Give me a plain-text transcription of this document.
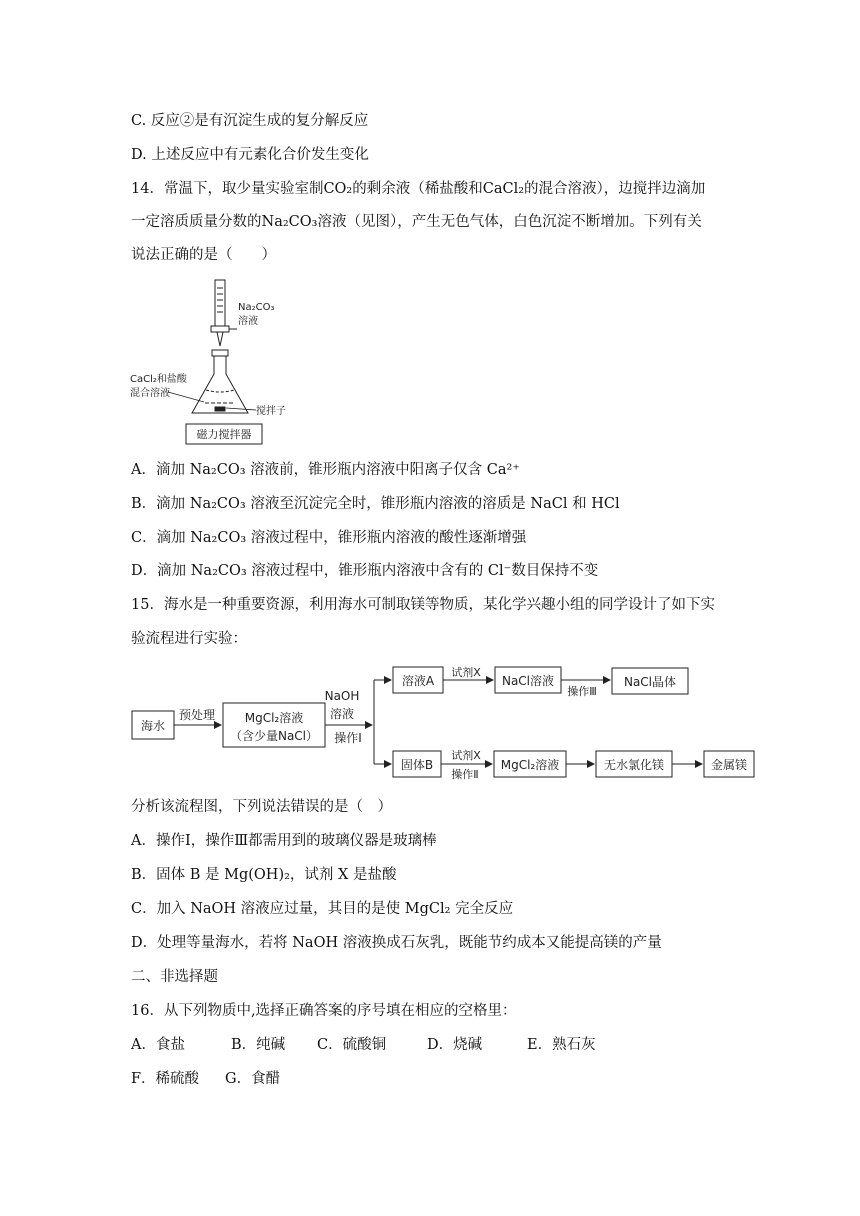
C. 反应②是有沉淀生成的复分解反应
D. 上述反应中有元素化合价发生变化
14．常温下，取少量实验室制CO₂的剩余液（稀盐酸和CaCl₂的混合溶液），边搅拌边滴加
一定溶质质量分数的Na₂CO₃溶液（见图），产生无色气体，白色沉淀不断增加。下列有关
说法正确的是（　　）
Na₂CO₃
溶液
CaCl₂和盐酸
混合溶液
搅拌子
磁力搅拌器
A．滴加 Na₂CO₃ 溶液前，锥形瓶内溶液中阳离子仅含 Ca²⁺
B．滴加 Na₂CO₃ 溶液至沉淀完全时，锥形瓶内溶液的溶质是 NaCl 和 HCl
C．滴加 Na₂CO₃ 溶液过程中，锥形瓶内溶液的酸性逐渐增强
D．滴加 Na₂CO₃ 溶液过程中，锥形瓶内溶液中含有的 Cl⁻数目保持不变
15．海水是一种重要资源，利用海水可制取镁等物质，某化学兴趣小组的同学设计了如下实
验流程进行实验：
海水
预处理 MgCl₂溶液
（含少量NaCl）
NaOH
溶液
操作Ⅰ
溶液A
试剂X
NaCl溶液
操作Ⅲ
NaCl晶体
固体B
试剂X
操作Ⅱ
MgCl₂溶液	无水氯化镁	金属镁
分析该流程图，下列说法错误的是（　）
A．操作Ⅰ，操作Ⅲ都需用到的玻璃仪器是玻璃棒
B．固体 B 是 Mg(OH)₂，试剂 X 是盐酸
C．加入 NaOH 溶液应过量，其目的是使 MgCl₂ 完全反应
D．处理等量海水，若将 NaOH 溶液换成石灰乳，既能节约成本又能提高镁的产量
二、非选择题
16．从下列物质中,选择正确答案的序号填在相应的空格里：
A．食盐	B．纯碱 C．硫酸铜	D．烧碱	E．熟石灰
F．稀硫酸 G．食醋
